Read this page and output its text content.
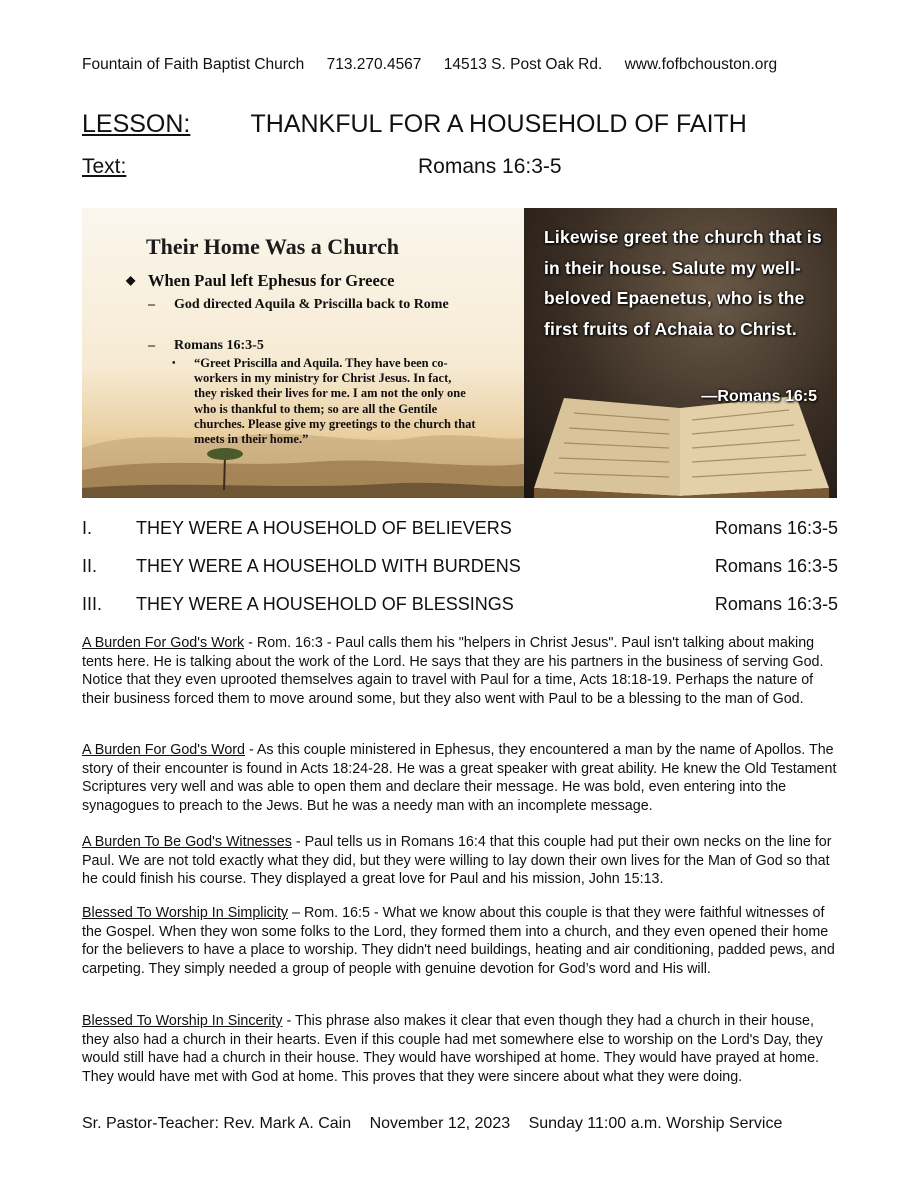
Fountain of Faith Baptist Church 713.270.4567 14513 S. Post Oak Rd. www.fofbchouston.org
LESSON: THANKFUL FOR A HOUSEHOLD OF FAITH
Text:	Romans 16:3-5
Their Home Was a Church
◆ When Paul left Ephesus for Greece
– God directed Aquila & Priscilla back to Rome
– Romans 16:3-5
• “Greet Priscilla and Aquila. They have been co-workers in my ministry for Christ Jesus. In fact, they risked their lives for me. I am not the only one who is thankful to them; so are all the Gentile churches. Please give my greetings to the church that meets in their home.”
Likewise greet the church that is in their house. Salute my well-beloved Epaenetus, who is the first fruits of Achaia to Christ.
—Romans 16:5
I. THEY WERE A HOUSEHOLD OF BELIEVERS	Romans 16:3-5
II. THEY WERE A HOUSEHOLD WITH BURDENS	Romans 16:3-5
III. THEY WERE A HOUSEHOLD OF BLESSINGS	Romans 16:3-5
A Burden For God's Work - Rom. 16:3 - Paul calls them his "helpers in Christ Jesus". Paul isn't talking about making tents here. He is talking about the work of the Lord. He says that they are his partners in the business of serving God. Notice that they even uprooted themselves again to travel with Paul for a time, Acts 18:18-19. Perhaps the nature of their business forced them to move around some, but they also went with Paul to be a blessing to the man of God.
A Burden For God's Word - As this couple ministered in Ephesus, they encountered a man by the name of Apollos. The story of their encounter is found in Acts 18:24-28. He was a great speaker with great ability. He knew the Old Testament Scriptures very well and was able to open them and declare their message. He was bold, even entering into the synagogues to preach to the Jews. But he was a needy man with an incomplete message.
A Burden To Be God's Witnesses - Paul tells us in Romans 16:4 that this couple had put their own necks on the line for Paul. We are not told exactly what they did, but they were willing to lay down their own lives for the Man of God so that he could finish his course. They displayed a great love for Paul and his mission, John 15:13.
Blessed To Worship In Simplicity – Rom. 16:5 - What we know about this couple is that they were faithful witnesses of the Gospel. When they won some folks to the Lord, they formed them into a church, and they even opened their home for the believers to have a place to worship. They didn't need buildings, heating and air conditioning, padded pews, and carpeting. They simply needed a group of people with genuine devotion for God’s word and His will.
Blessed To Worship In Sincerity - This phrase also makes it clear that even though they had a church in their house, they also had a church in their hearts. Even if this couple had met somewhere else to worship on the Lord's Day, they would still have had a church in their house. They would have worshiped at home. They would have prayed at home. They would have met with God at home. This proves that they were sincere about what they were doing.
Sr. Pastor-Teacher: Rev. Mark A. Cain November 12, 2023 Sunday 11:00 a.m. Worship Service
